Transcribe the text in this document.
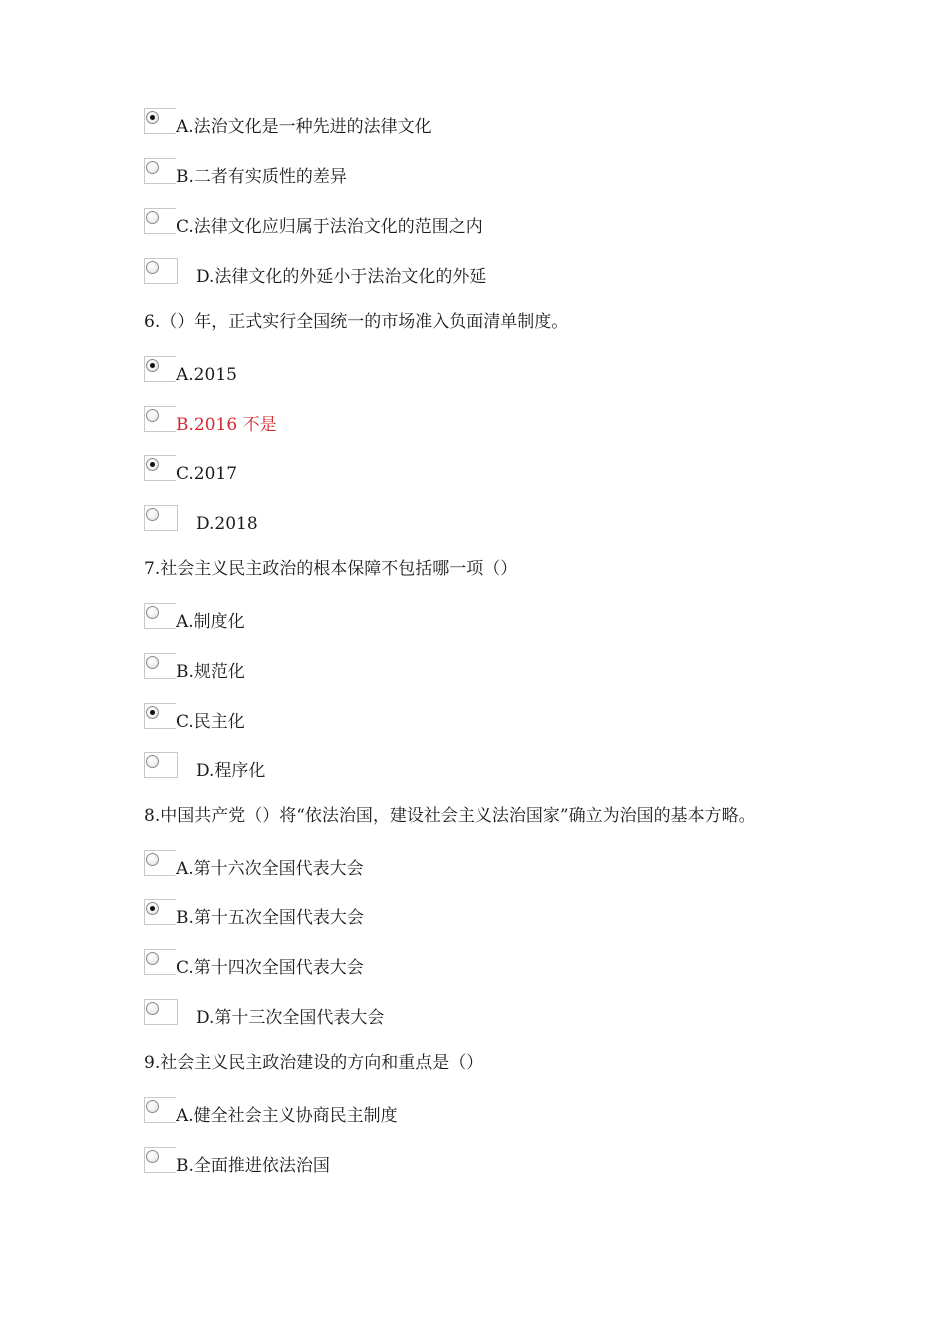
A.法治文化是一种先进的法律文化
B.二者有实质性的差异
C.法律文化应归属于法治文化的范围之内
D.法律文化的外延小于法治文化的外延
6.（）年，正式实行全国统一的市场准入负面清单制度。
A.2015
B.2016 不是
C.2017
D.2018
7.社会主义民主政治的根本保障不包括哪一项（）
A.制度化
B.规范化
C.民主化
D.程序化
8.中国共产党（）将“依法治国，建设社会主义法治国家”确立为治国的基本方略。
A.第十六次全国代表大会
B.第十五次全国代表大会
C.第十四次全国代表大会
D.第十三次全国代表大会
9.社会主义民主政治建设的方向和重点是（）
A.健全社会主义协商民主制度
B.全面推进依法治国
